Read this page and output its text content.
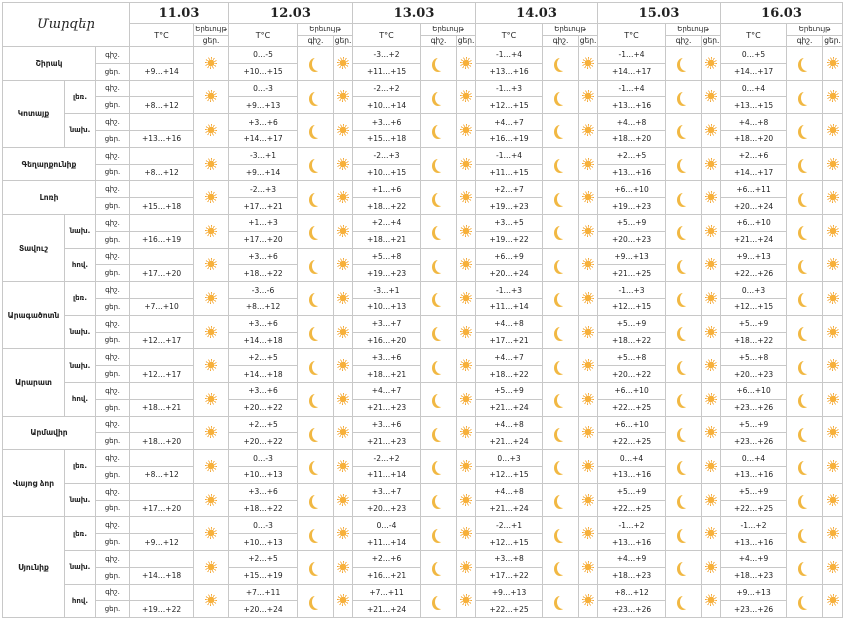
Մարզեր			11.03		12.03			13.03			14.03			15.03			16.03		
			T°C	Երեւույթ	T°C	Երեւույթ		T°C	Երեւույթ		T°C	Երեւույթ		T°C	Երեւույթ		T°C	Երեւույթ	
				ցեր.		գիշ.	ցեր.		գիշ.	ցեր.		գիշ.	ցեր.		գիշ.	ցեր.		գիշ.	ցեր.
Շիրակ		գիշ.			0…-5			-3…+2			-1…+4			-1…+4			0…+5		
		ցեր.	+9…+14		+10…+15			+11…+15			+13…+16			+14…+17			+14…+17		
Կոտայք	լեռ.	գիշ.			0…-3			-2…+2			-1…+3			-1…+4			0…+4		
		ցեր.	+8…+12		+9…+13			+10…+14			+12…+15			+13…+16			+13…+15		
	նախ.	գիշ.			+3…+6			+3…+6			+4…+7			+4…+8			+4…+8		
		ցեր.	+13…+16		+14…+17			+15…+18			+16…+19			+18…+20			+18…+20		
Գեղարքունիք		գիշ.			-3…+1			-2…+3			-1…+4			+2…+5			+2…+6		
		ցեր.	+8…+12		+9…+14			+10…+15			+11…+15			+13…+16			+14…+17		
Լոռի		գիշ.			-2…+3			+1…+6			+2…+7			+6…+10			+6…+11		
		ցեր.	+15…+18		+17…+21			+18…+22			+19…+23			+19…+23			+20…+24		
Տավուշ	նախ.	գիշ.			+1…+3			+2…+4			+3…+5			+5…+9			+6…+10		
		ցեր.	+16…+19		+17…+20			+18…+21			+19…+22			+20…+23			+21…+24		
	հով.	գիշ.			+3…+6			+5…+8			+6…+9			+9…+13			+9…+13		
		ցեր.	+17…+20		+18…+22			+19…+23			+20…+24			+21…+25			+22…+26		
Արագածոտն	լեռ.	գիշ.			-3…-6			-3…+1			-1…+3			-1…+3			0…+3		
		ցեր.	+7…+10		+8…+12			+10…+13			+11…+14			+12…+15			+12…+15		
	նախ.	գիշ.			+3…+6			+3…+7			+4…+8			+5…+9			+5…+9		
		ցեր.	+12…+17		+14…+18			+16…+20			+17…+21			+18…+22			+18…+22		
Արարատ	նախ.	գիշ.			+2…+5			+3…+6			+4…+7			+5…+8			+5…+8		
		ցեր.	+12…+17		+14…+18			+18…+21			+18…+22			+20…+22			+20…+23		
	հով.	գիշ.			+3…+6			+4…+7			+5…+9			+6…+10			+6…+10		
		ցեր.	+18…+21		+20…+22			+21…+23			+21…+24			+22…+25			+23…+26		
Արմավիր		գիշ.			+2…+5			+3…+6			+4…+8			+6…+10			+5…+9		
		ցեր.	+18…+20		+20…+22			+21…+23			+21…+24			+22…+25			+23…+26		
Վայոց ձոր	լեռ.	գիշ.			0…-3			-2…+2			0…+3			0…+4			0…+4		
		ցեր.	+8…+12		+10…+13			+11…+14			+12…+15			+13…+16			+13…+16		
	նախ.	գիշ.			+3…+6			+3…+7			+4…+8			+5…+9			+5…+9		
		ցեր.	+17…+20		+18…+22			+20…+23			+21…+24			+22…+25			+22…+25		
Սյունիք	լեռ.	գիշ.			0…-3			0…-4			-2…+1			-1…+2			-1…+2		
		ցեր.	+9…+12		+10…+13			+11…+14			+12…+15			+13…+16			+13…+16		
	նախ.	գիշ.			+2…+5			+2…+6			+3…+8			+4…+9			+4…+9		
		ցեր.	+14…+18		+15…+19			+16…+21			+17…+22			+18…+23			+18…+23		
	հով.	գիշ.			+7…+11			+7…+11			+9…+13			+8…+12			+9…+13		
		ցեր.	+19…+22		+20…+24			+21…+24			+22…+25			+23…+26			+23…+26		
